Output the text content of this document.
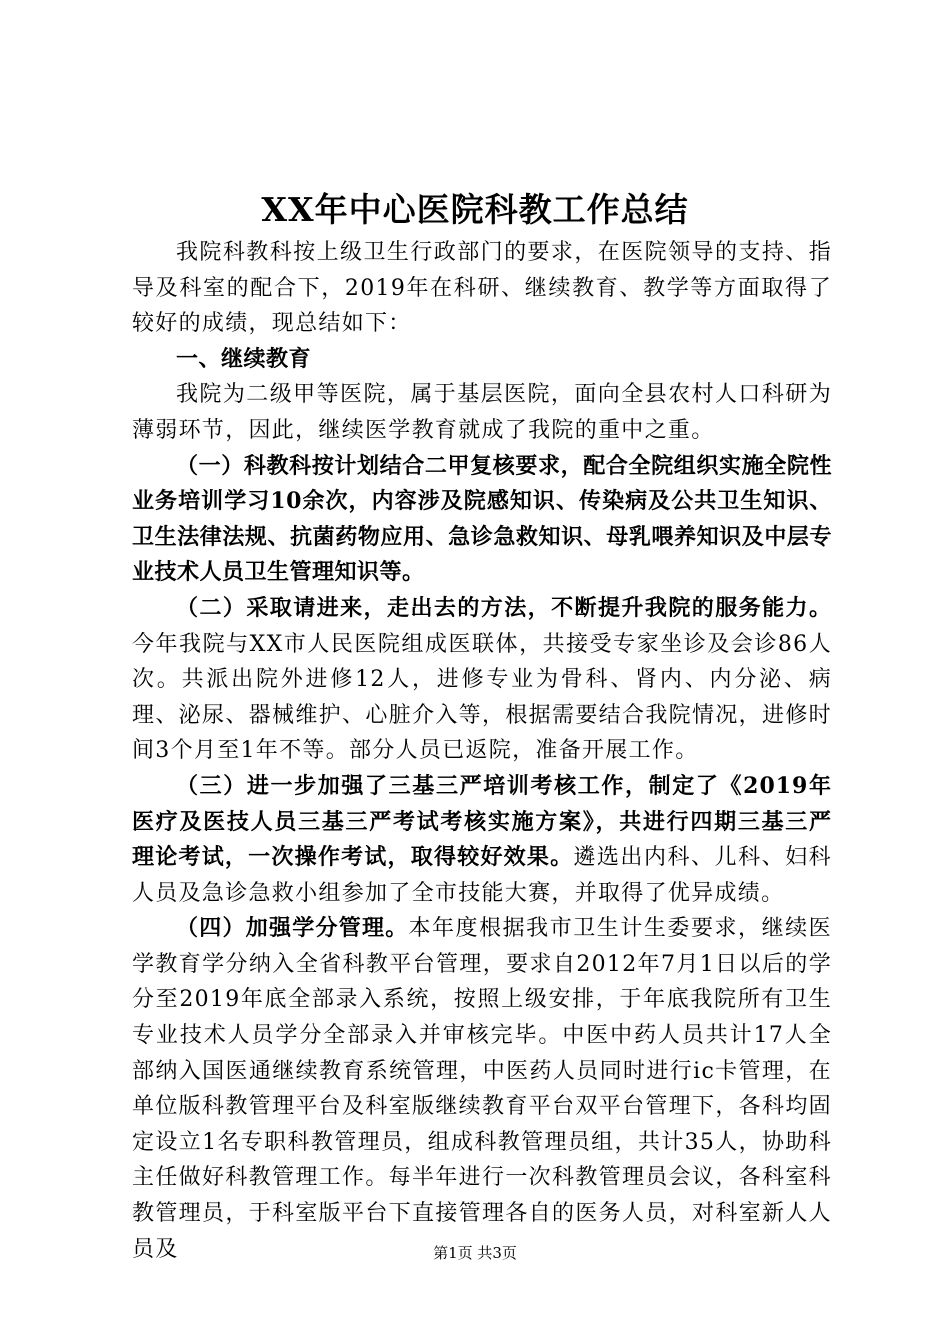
XX年中心医院科教工作总结

我院科教科按上级卫生行政部门的要求，在医院领导的支持、指导及科室的配合下，2019年在科研、继续教育、教学等方面取得了较好的成绩，现总结如下：

一、继续教育

我院为二级甲等医院，属于基层医院，面向全县农村人口科研为薄弱环节，因此，继续医学教育就成了我院的重中之重。

（一）科教科按计划结合二甲复核要求，配合全院组织实施全院性业务培训学习10余次，内容涉及院感知识、传染病及公共卫生知识、卫生法律法规、抗菌药物应用、急诊急救知识、母乳喂养知识及中层专业技术人员卫生管理知识等。

（二）采取请进来，走出去的方法，不断提升我院的服务能力。今年我院与XX市人民医院组成医联体，共接受专家坐诊及会诊86人次。共派出院外进修12人，进修专业为骨科、肾内、内分泌、病理、泌尿、器械维护、心脏介入等，根据需要结合我院情况，进修时间3个月至1年不等。部分人员已返院，准备开展工作。

（三）进一步加强了三基三严培训考核工作，制定了《2019年医疗及医技人员三基三严考试考核实施方案》，共进行四期三基三严理论考试，一次操作考试，取得较好效果。遴选出内科、儿科、妇科人员及急诊急救小组参加了全市技能大赛，并取得了优异成绩。

（四）加强学分管理。本年度根据我市卫生计生委要求，继续医学教育学分纳入全省科教平台管理，要求自2012年7月1日以后的学分至2019年底全部录入系统，按照上级安排，于年底我院所有卫生专业技术人员学分全部录入并审核完毕。中医中药人员共计17人全部纳入国医通继续教育系统管理，中医药人员同时进行ic卡管理，在单位版科教管理平台及科室版继续教育平台双平台管理下，各科均固定设立1名专职科教管理员，组成科教管理员组，共计35人，协助科主任做好科教管理工作。每半年进行一次科教管理员会议，各科室科教管理员，于科室版平台下直接管理各自的医务人员，对科室新人人员及	第1页 共3页
